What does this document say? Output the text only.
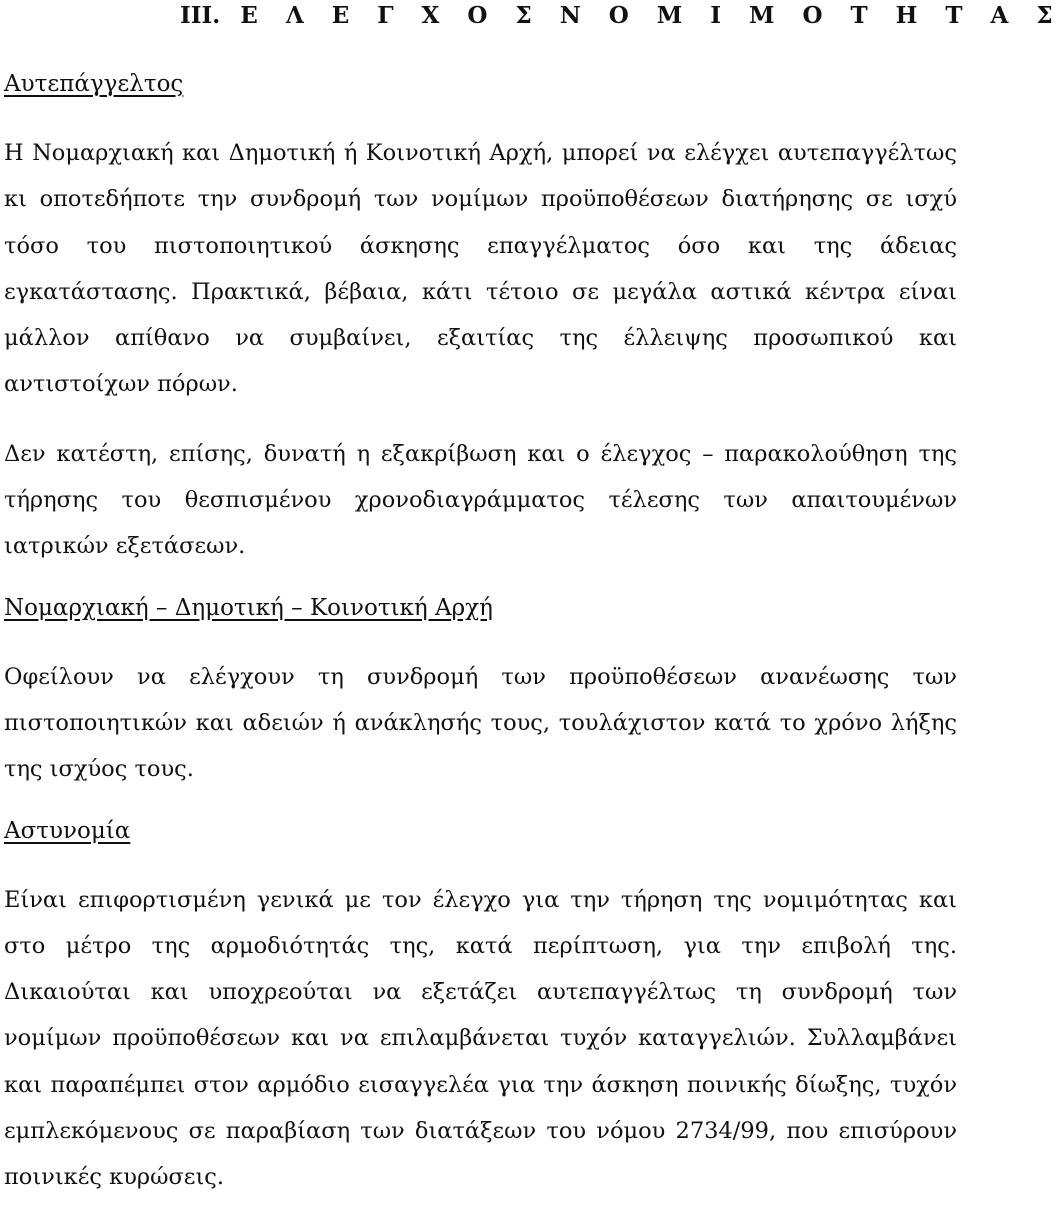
III. Ε Λ Ε Γ Χ Ο Σ Ν Ο Μ Ι Μ Ο Τ Η Τ Α Σ
Αυτεπάγγελτος

Η Νομαρχιακή και Δημοτική ή Κοινοτική Αρχή, μπορεί να ελέγχει αυτεπαγγέλτως κι οποτεδήποτε την συνδρομή των νομίμων προϋποθέσεων διατήρησης σε ισχύ τόσο του πιστοποιητικού άσκησης επαγγέλματος όσο και της άδειας εγκατάστασης. Πρακτικά, βέβαια, κάτι τέτοιο σε μεγάλα αστικά κέντρα είναι μάλλον απίθανο να συμβαίνει, εξαιτίας της έλλειψης προσωπικού και αντιστοίχων πόρων.

Δεν κατέστη, επίσης, δυνατή η εξακρίβωση και ο έλεγχος – παρακολούθηση της τήρησης του θεσπισμένου χρονοδιαγράμματος τέλεσης των απαιτουμένων ιατρικών εξετάσεων.

Νομαρχιακή – Δημοτική – Κοινοτική Αρχή

Οφείλουν να ελέγχουν τη συνδρομή των προϋποθέσεων ανανέωσης των πιστοποιητικών και αδειών ή ανάκλησής τους, τουλάχιστον κατά το χρόνο λήξης της ισχύος τους.

Αστυνομία

Είναι επιφορτισμένη γενικά με τον έλεγχο για την τήρηση της νομιμότητας και στο μέτρο της αρμοδιότητάς της, κατά περίπτωση, για την επιβολή της. Δικαιούται και υποχρεούται να εξετάζει αυτεπαγγέλτως τη συνδρομή των νομίμων προϋποθέσεων και να επιλαμβάνεται τυχόν καταγγελιών. Συλλαμβάνει και παραπέμπει στον αρμόδιο εισαγγελέα για την άσκηση ποινικής δίωξης, τυχόν εμπλεκόμενους σε παραβίαση των διατάξεων του νόμου 2734/99, που επισύρουν ποινικές κυρώσεις.
